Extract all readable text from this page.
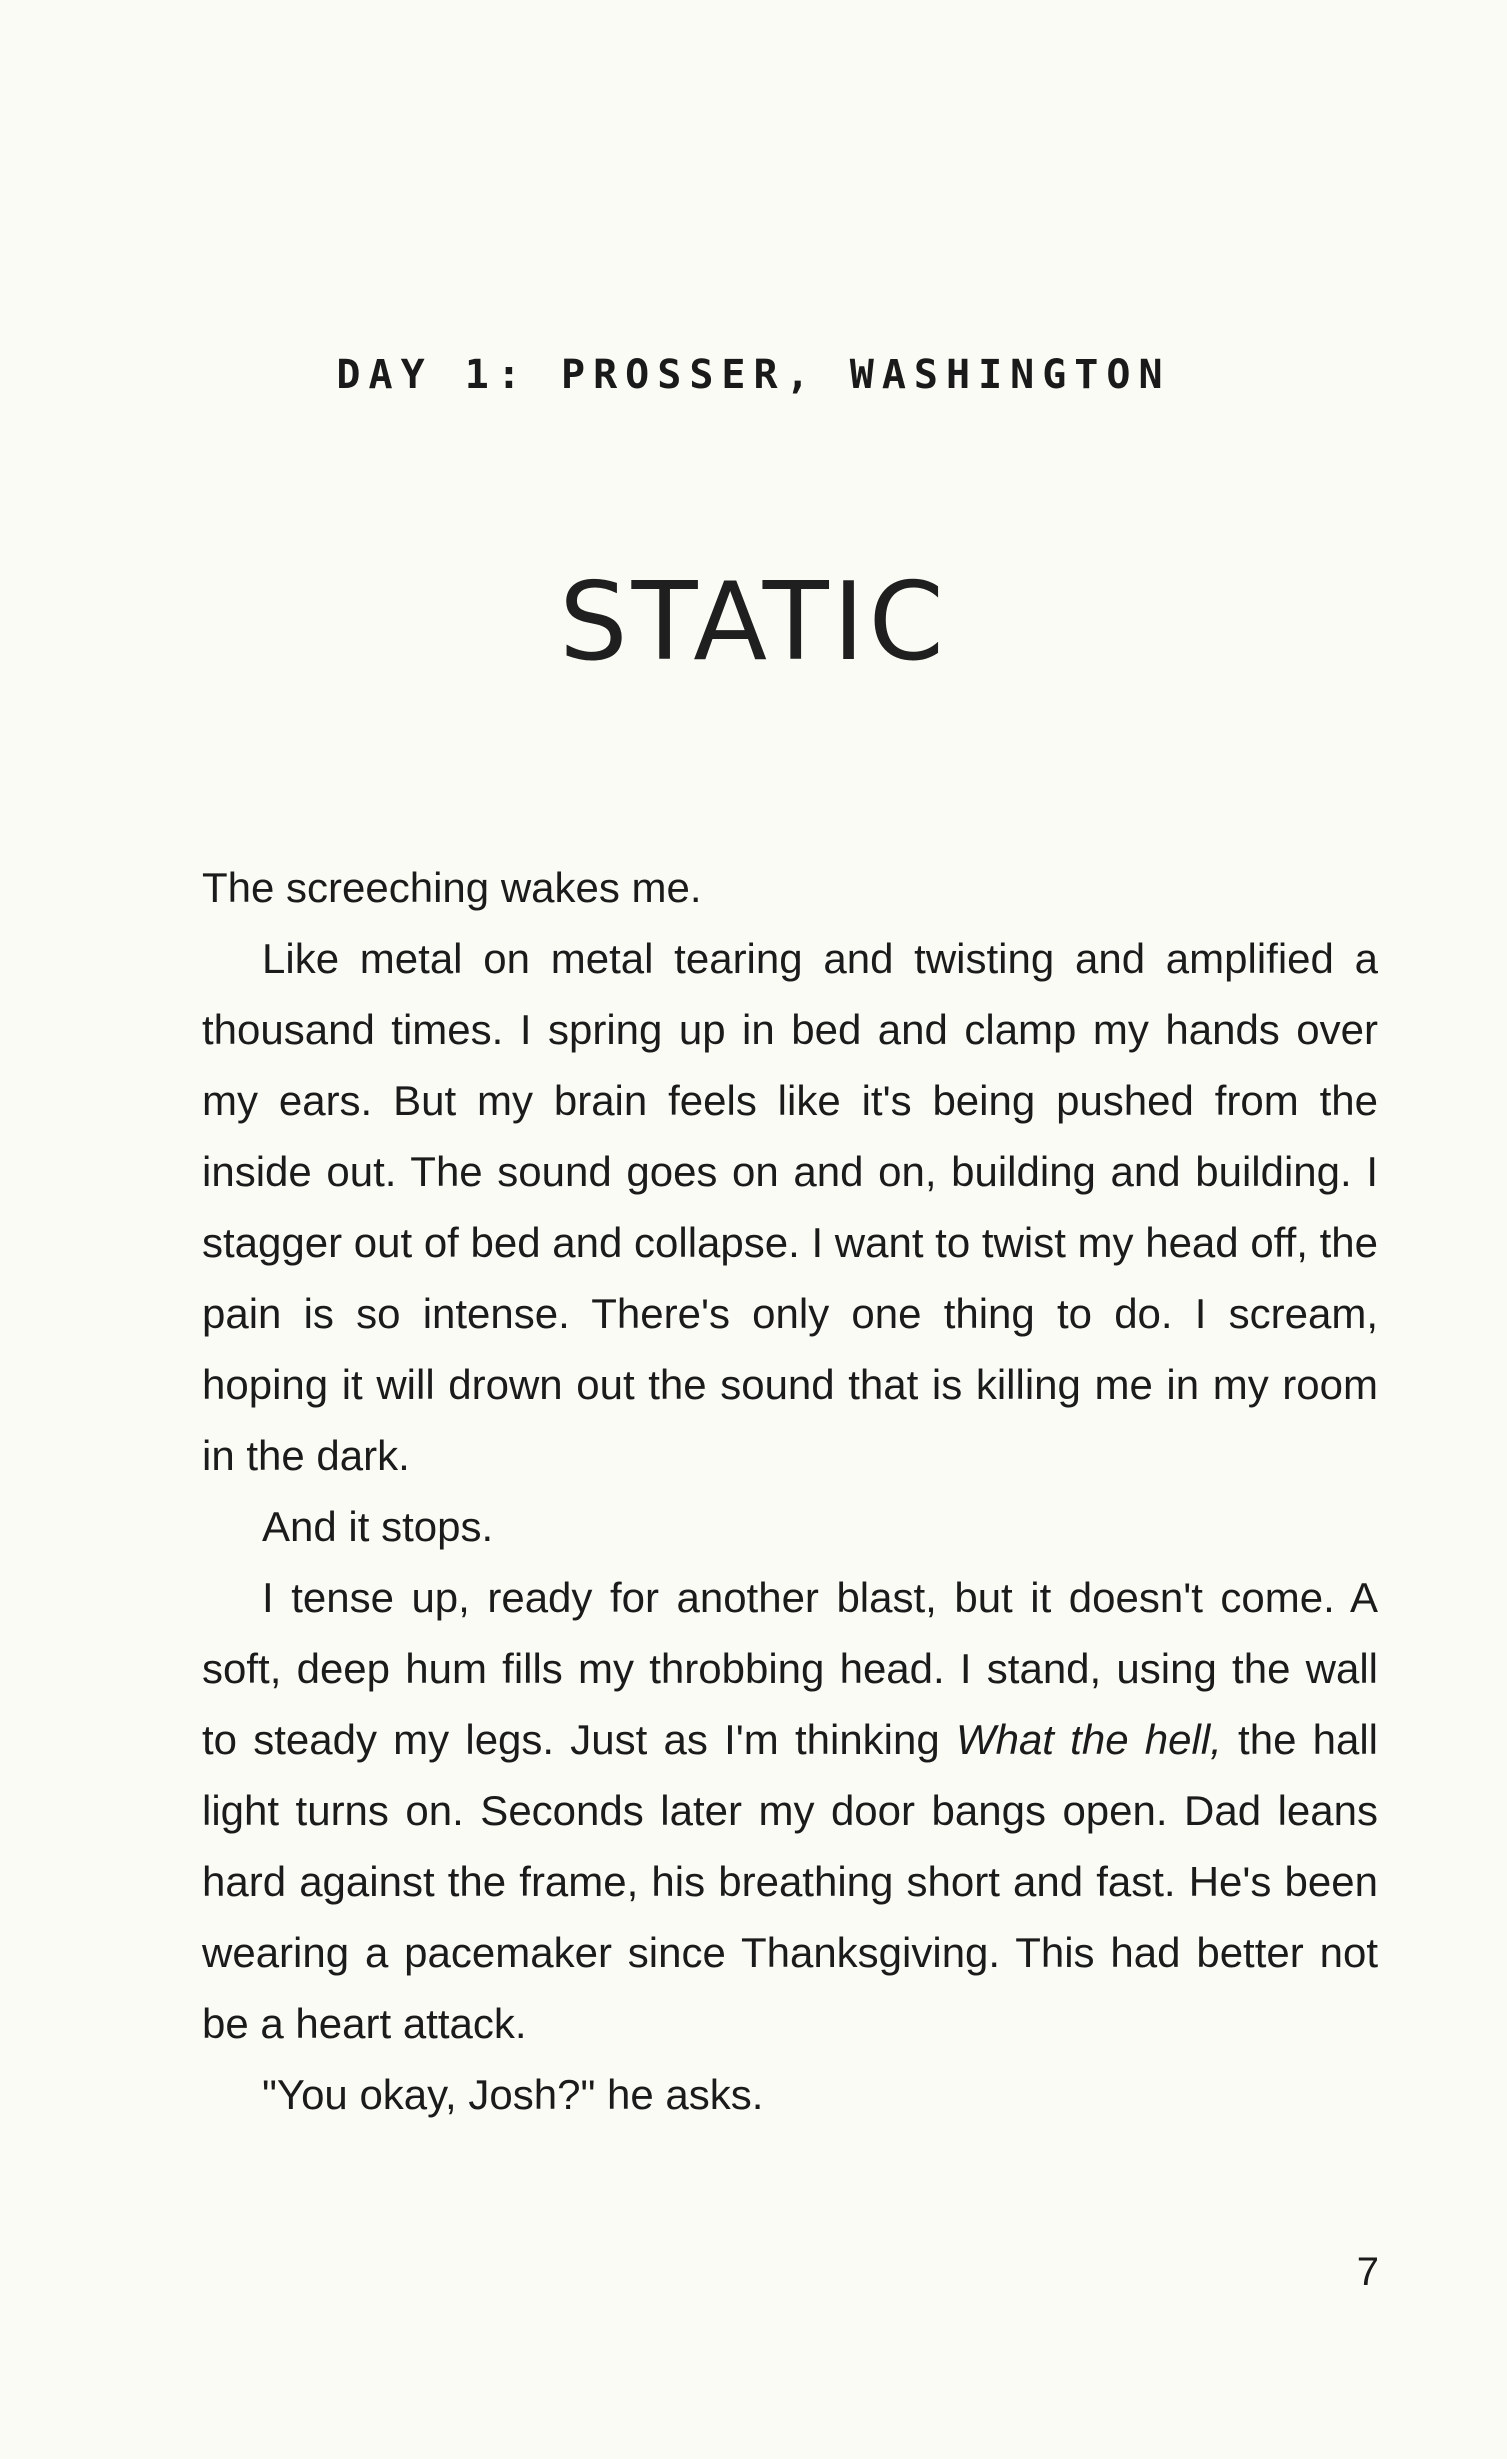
DAY 1: PROSSER, WASHINGTON
STATIC

The screeching wakes me.

Like metal on metal tearing and twisting and amplified a thousand times. I spring up in bed and clamp my hands over my ears. But my brain feels like it's being pushed from the inside out. The sound goes on and on, building and building. I stagger out of bed and collapse. I want to twist my head off, the pain is so intense. There's only one thing to do. I scream, hoping it will drown out the sound that is killing me in my room in the dark.

And it stops.

I tense up, ready for another blast, but it doesn't come. A soft, deep hum fills my throbbing head. I stand, using the wall to steady my legs. Just as I'm thinking What the hell, the hall light turns on. Seconds later my door bangs open. Dad leans hard against the frame, his breathing short and fast. He's been wearing a pacemaker since Thanksgiving. This had better not be a heart attack.

"You okay, Josh?" he asks.

7
